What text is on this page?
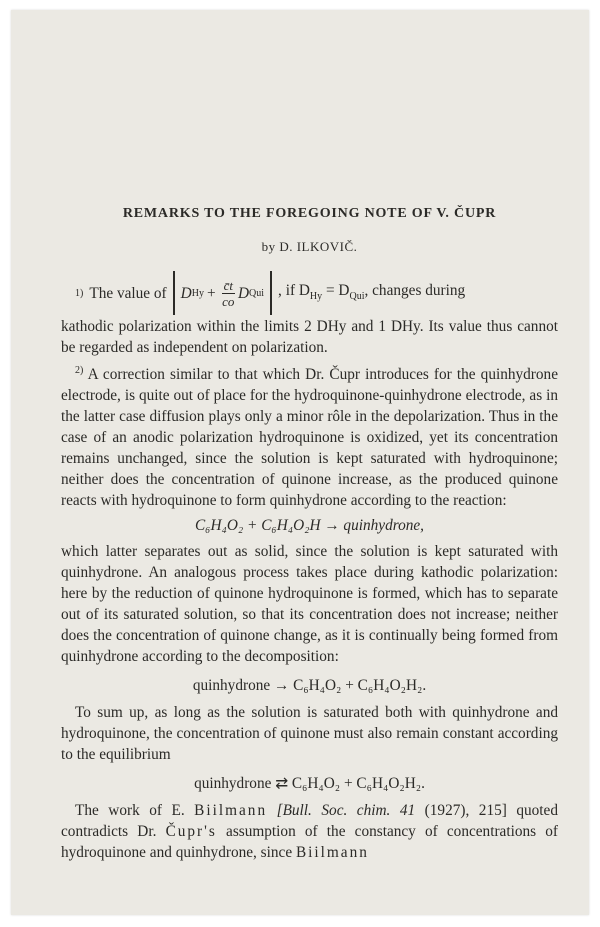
REMARKS TO THE FOREGOING NOTE OF V. ČUPR
by D. ILKOVIČ.
1) The value of D $Hy + \frac{c̄t}{co}$ D Qui , if $D_{Hy} = D_{Qui}$, changes during

kathodic polarization within the limits 2 DHy and 1 DHy. Its value thus cannot be regarded as independent on polarization.

$^{2)}$ A correction similar to that which Dr. Čupr introduces for the quinhydrone electrode, is quite out of place for the hydroquinone-quinhydrone electrode, as in the latter case diffusion plays only a minor rôle in the depolarization. Thus in the case of an anodic polarization hydroquinone is oxidized, yet its concentration remains unchanged, since the solution is kept saturated with hydroquinone; neither does the concentration of quinone increase, as the produced quinone reacts with hydroquinone to form quinhydrone according to the reaction:

C₆H₄O₂ + C₆H₄O₂H → quinhydrone,

which latter separates out as solid, since the solution is kept saturated with quinhydrone. An analogous process takes place during kathodic polarization: here by the reduction of quinone hydroquinone is formed, which has to separate out of its saturated solution, so that its concentration does not increase; neither does the concentration of quinone change, as it is continually being formed from quinhydrone according to the decomposition:

quinhydrone → C₆H₄O₂ + C₆H₄O₂H₂.

To sum up, as long as the solution is saturated both with quinhydrone and hydroquinone, the concentration of quinone must also remain constant according to the equilibrium

quinhydrone ⇄ C₆H₄O₂ + C₆H₄O₂H₂.

The work of E. Biilmann [Bull. Soc. chim. 41 (1927), 215] quoted contradicts Dr. Čupr's assumption of the constancy of concentrations of hydroquinone and quinhydrone, since Biilmann
